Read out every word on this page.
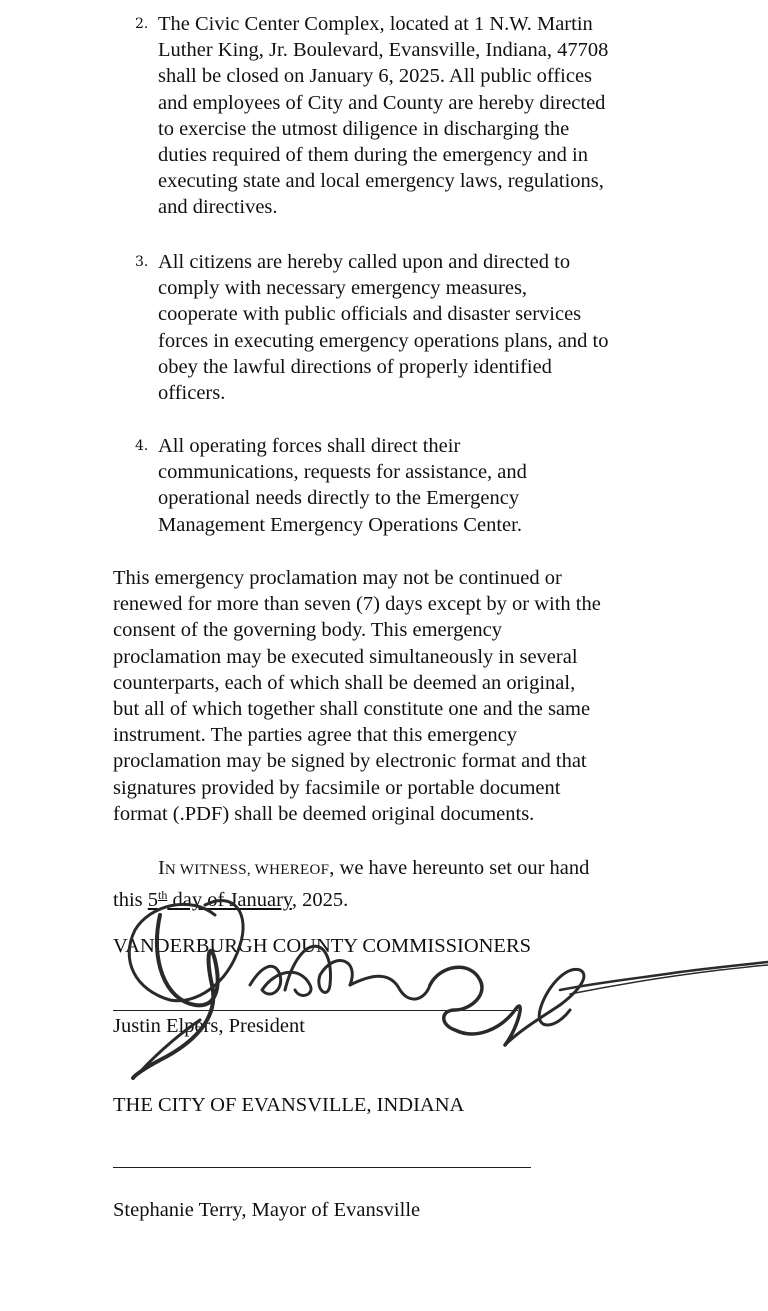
2. The Civic Center Complex, located at 1 N.W. Martin
Luther King, Jr. Boulevard, Evansville, Indiana, 47708
shall be closed on January 6, 2025. All public offices
and employees of City and County are hereby directed
to exercise the utmost diligence in discharging the
duties required of them during the emergency and in
executing state and local emergency laws, regulations,
and directives.
3. All citizens are hereby called upon and directed to
comply with necessary emergency measures,
cooperate with public officials and disaster services
forces in executing emergency operations plans, and to
obey the lawful directions of properly identified
officers.
4. All operating forces shall direct their
communications, requests for assistance, and
operational needs directly to the Emergency
Management Emergency Operations Center.
This emergency proclamation may not be continued or
renewed for more than seven (7) days except by or with the
consent of the governing body. This emergency
proclamation may be executed simultaneously in several
counterparts, each of which shall be deemed an original,
but all of which together shall constitute one and the same
instrument. The parties agree that this emergency
proclamation may be signed by electronic format and that
signatures provided by facsimile or portable document
format (.PDF) shall be deemed original documents.
IN WITNESS, WHEREOF, we have hereunto set our hand
this 5th day of January, 2025.
VANDERBURGH COUNTY COMMISSIONERS
Justin Elpers, President
THE CITY OF EVANSVILLE, INDIANA
Stephanie Terry, Mayor of Evansville
